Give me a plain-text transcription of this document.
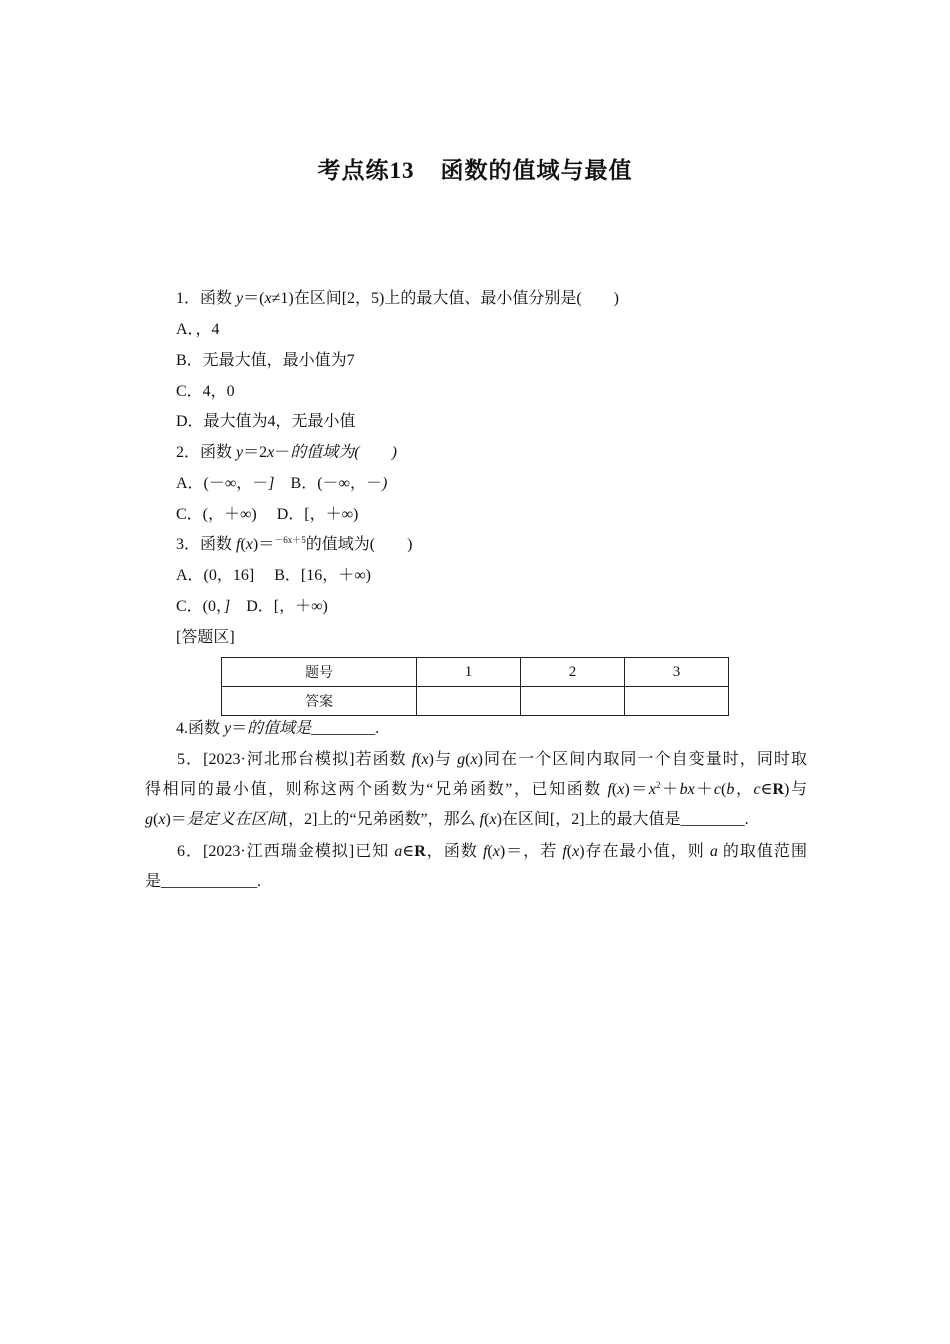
考点练13 函数的值域与最值
1．函数 y＝(x≠1)在区间[2，5)上的最大值、最小值分别是(　　)
A．，4
B．无最大值，最小值为7
C．4，0
D．最大值为4，无最小值
2．函数 y＝2x－的值域为(　　)
A．(－∞，－]　B．(－∞，－)
C．(，＋∞)　 D．[，＋∞)
3．函数 f(x)＝$^{-6x+5}$的值域为(　　)
A．(0，16]　 B．[16，＋∞)
C．(0，]　D．[，＋∞)
[答题区]
题号	1	2	3
答案			
4.函数 y＝的值域是________.
5．[2023·河北邢台模拟]若函数 f(x)与 g(x)同在一个区间内取同一个自变量时，同时取
得相同的最小值，则称这两个函数为“兄弟函数”，已知函数 $f(x)=x^2+bx+c(b$，c∈R)与
g(x)＝是定义在区间[，2]上的“兄弟函数”，那么 f(x)在区间[，2]上的最大值是________.
6．[2023·江西瑞金模拟]已知 a∈R，函数 f(x)＝，若 f(x)存在最小值，则 a 的取值范围
是____________.
